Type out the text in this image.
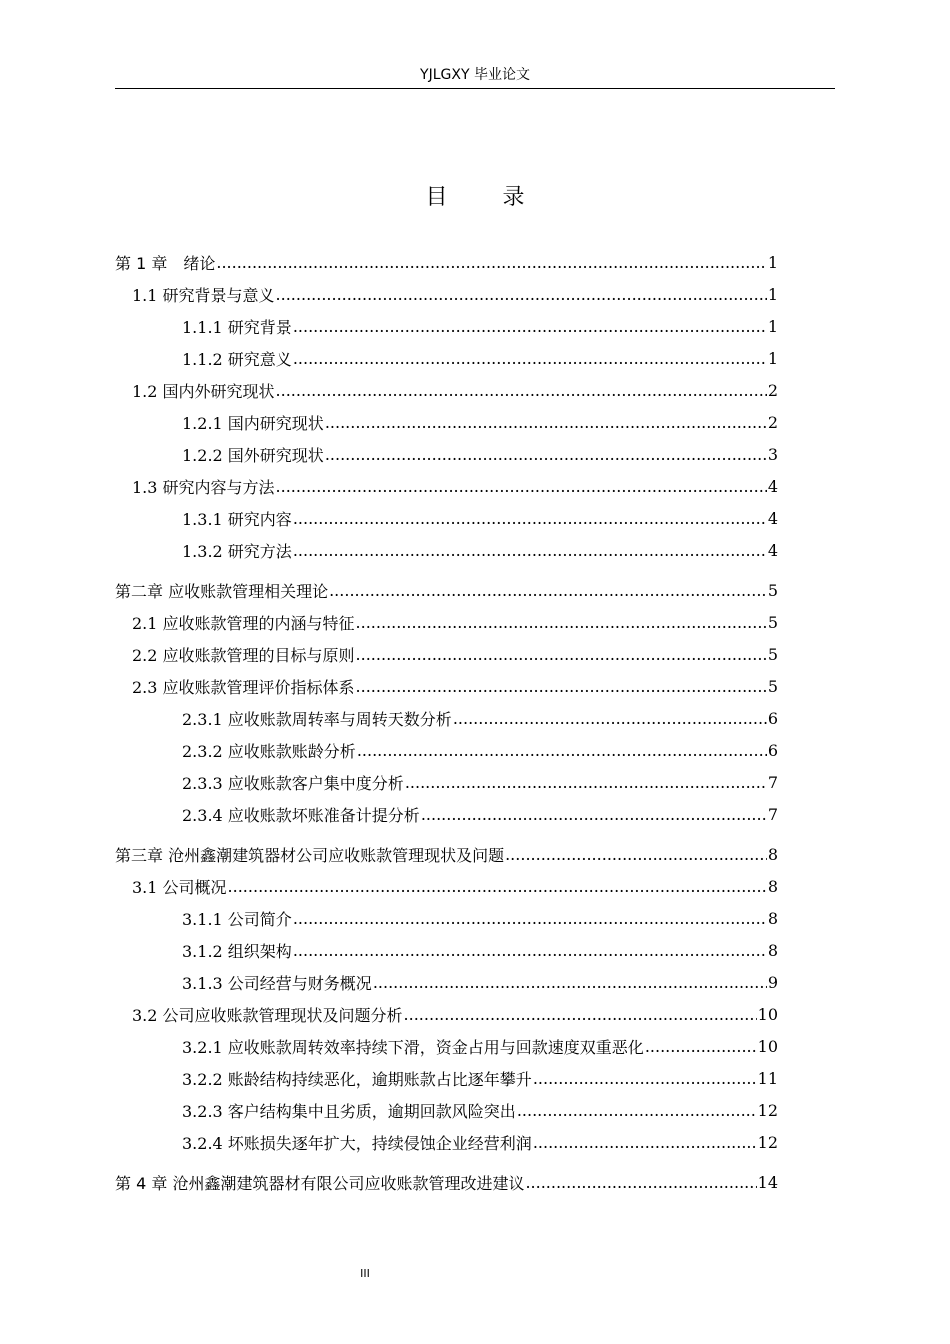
YJLGXY 毕业论文
目	录
第 1 章　绪论 .....	1
1.1 研究背景与意义 .....	1
1.1.1 研究背景 .....	1
1.1.2 研究意义 .....	1
1.2 国内外研究现状 .....	2
1.2.1 国内研究现状 .....	2
1.2.2 国外研究现状 .....	3
1.3 研究内容与方法 .....	4
1.3.1 研究内容 .....	4
1.3.2 研究方法 .....	4
第二章 应收账款管理相关理论 .....	5
2.1 应收账款管理的内涵与特征 .....	5
2.2 应收账款管理的目标与原则 .....	5
2.3 应收账款管理评价指标体系 .....	5
2.3.1 应收账款周转率与周转天数分析 .....	6
2.3.2 应收账款账龄分析 .....	6
2.3.3 应收账款客户集中度分析 .....	7
2.3.4 应收账款坏账准备计提分析 .....	7
第三章 沧州鑫潮建筑器材公司应收账款管理现状及问题 .....	8
3.1 公司概况 .....	8
3.1.1 公司简介 .....	8
3.1.2 组织架构 .....	8
3.1.3 公司经营与财务概况 .....	9
3.2 公司应收账款管理现状及问题分析 .....	10
3.2.1 应收账款周转效率持续下滑，资金占用与回款速度双重恶化 .....	10
3.2.2 账龄结构持续恶化，逾期账款占比逐年攀升 .....	11
3.2.3 客户结构集中且劣质，逾期回款风险突出 .....	12
3.2.4 坏账损失逐年扩大，持续侵蚀企业经营利润 .....	12
第 4 章 沧州鑫潮建筑器材有限公司应收账款管理改进建议 .....	14
III
